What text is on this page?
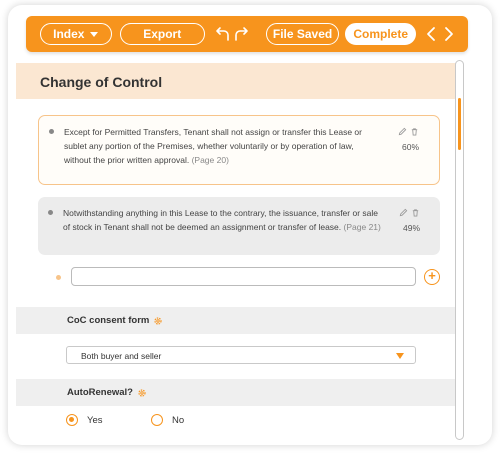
Index	Export	File Saved Complete
Change of Control
Except for Permitted Transfers, Tenant shall not assign or transfer this Lease or sublet any portion of the Premises, whether voluntarily or by operation of law, without the prior written approval. (Page 20)
60%
Notwithstanding anything in this Lease to the contrary, the issuance, transfer or sale of stock in Tenant shall not be deemed an assignment or transfer of lease. (Page 21)	49%
+
CoC consent form
Both buyer and seller
AutoRenewal?
Yes	No
